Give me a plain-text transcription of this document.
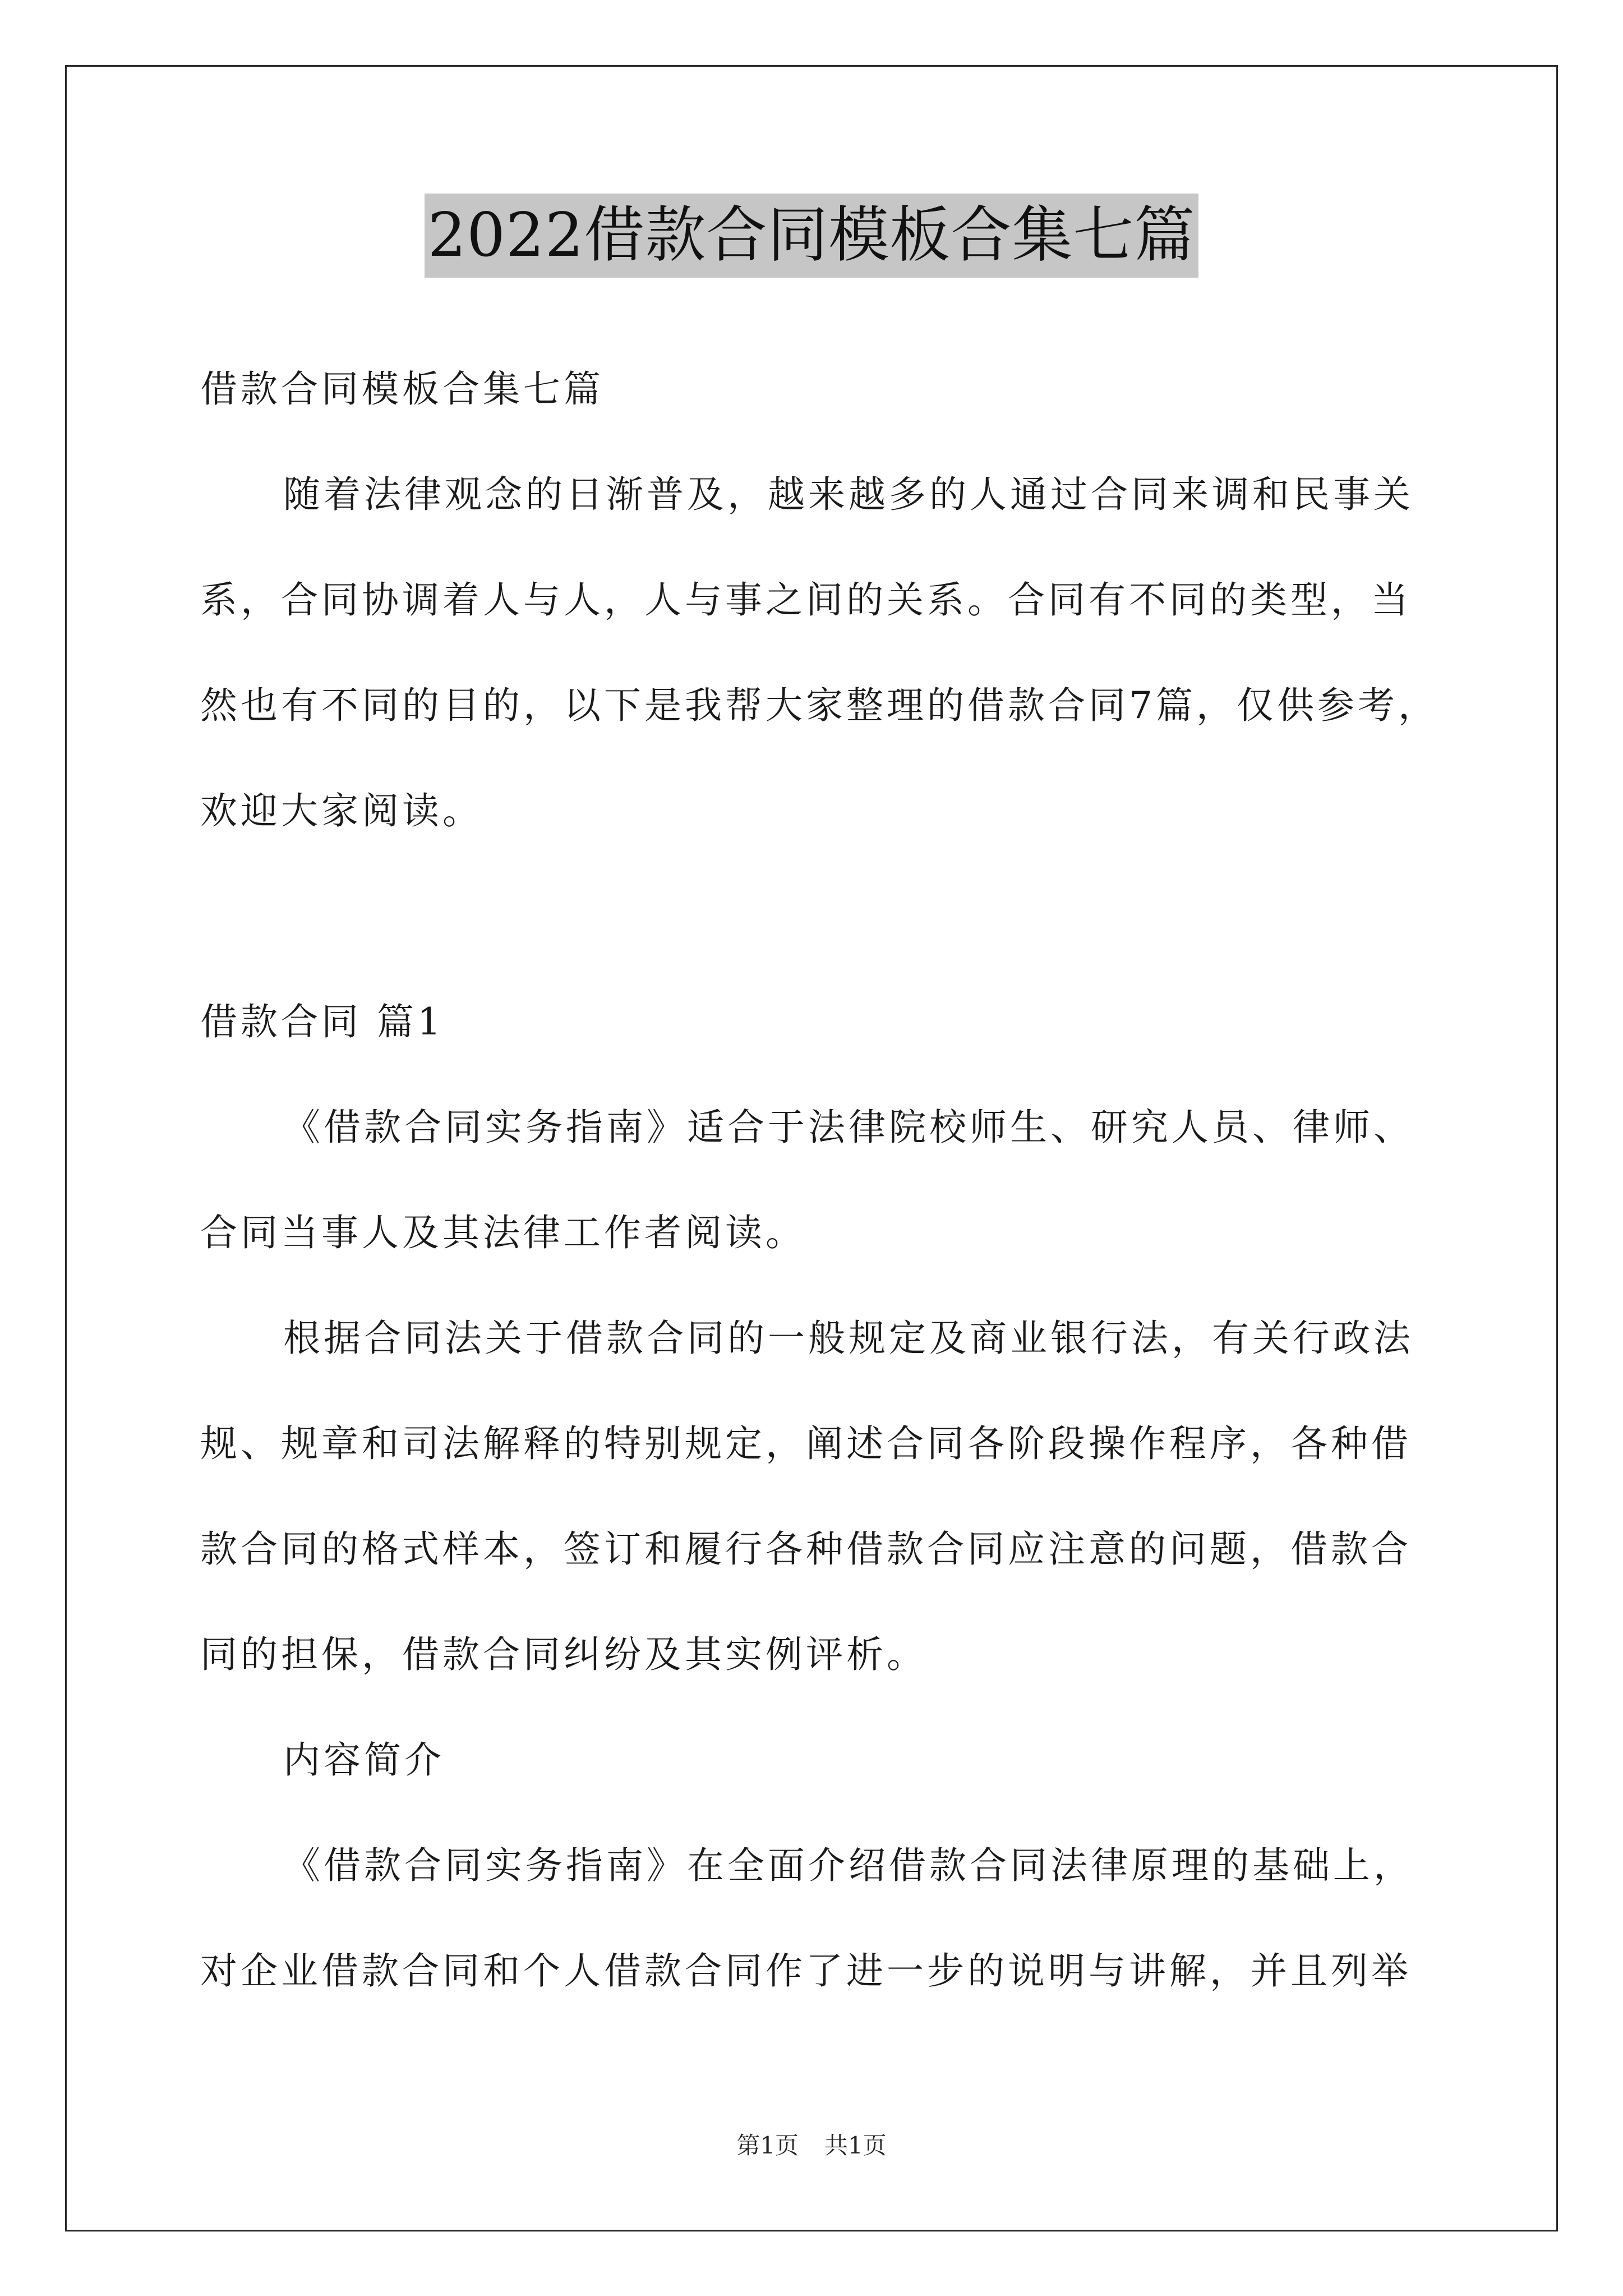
2022借款合同模板合集七篇
借款合同模板合集七篇
随着法律观念的日渐普及，越来越多的人通过合同来调和民事关
系，合同协调着人与人，人与事之间的关系。合同有不同的类型，当
然也有不同的目的，以下是我帮大家整理的借款合同7篇，仅供参考，
欢迎大家阅读。
借款合同 篇1
《借款合同实务指南》适合于法律院校师生、研究人员、律师、
合同当事人及其法律工作者阅读。
根据合同法关于借款合同的一般规定及商业银行法，有关行政法
规、规章和司法解释的特别规定，阐述合同各阶段操作程序，各种借
款合同的格式样本，签订和履行各种借款合同应注意的问题，借款合
同的担保，借款合同纠纷及其实例评析。
内容简介
《借款合同实务指南》在全面介绍借款合同法律原理的基础上，
对企业借款合同和个人借款合同作了进一步的说明与讲解，并且列举
第1页 共1页
